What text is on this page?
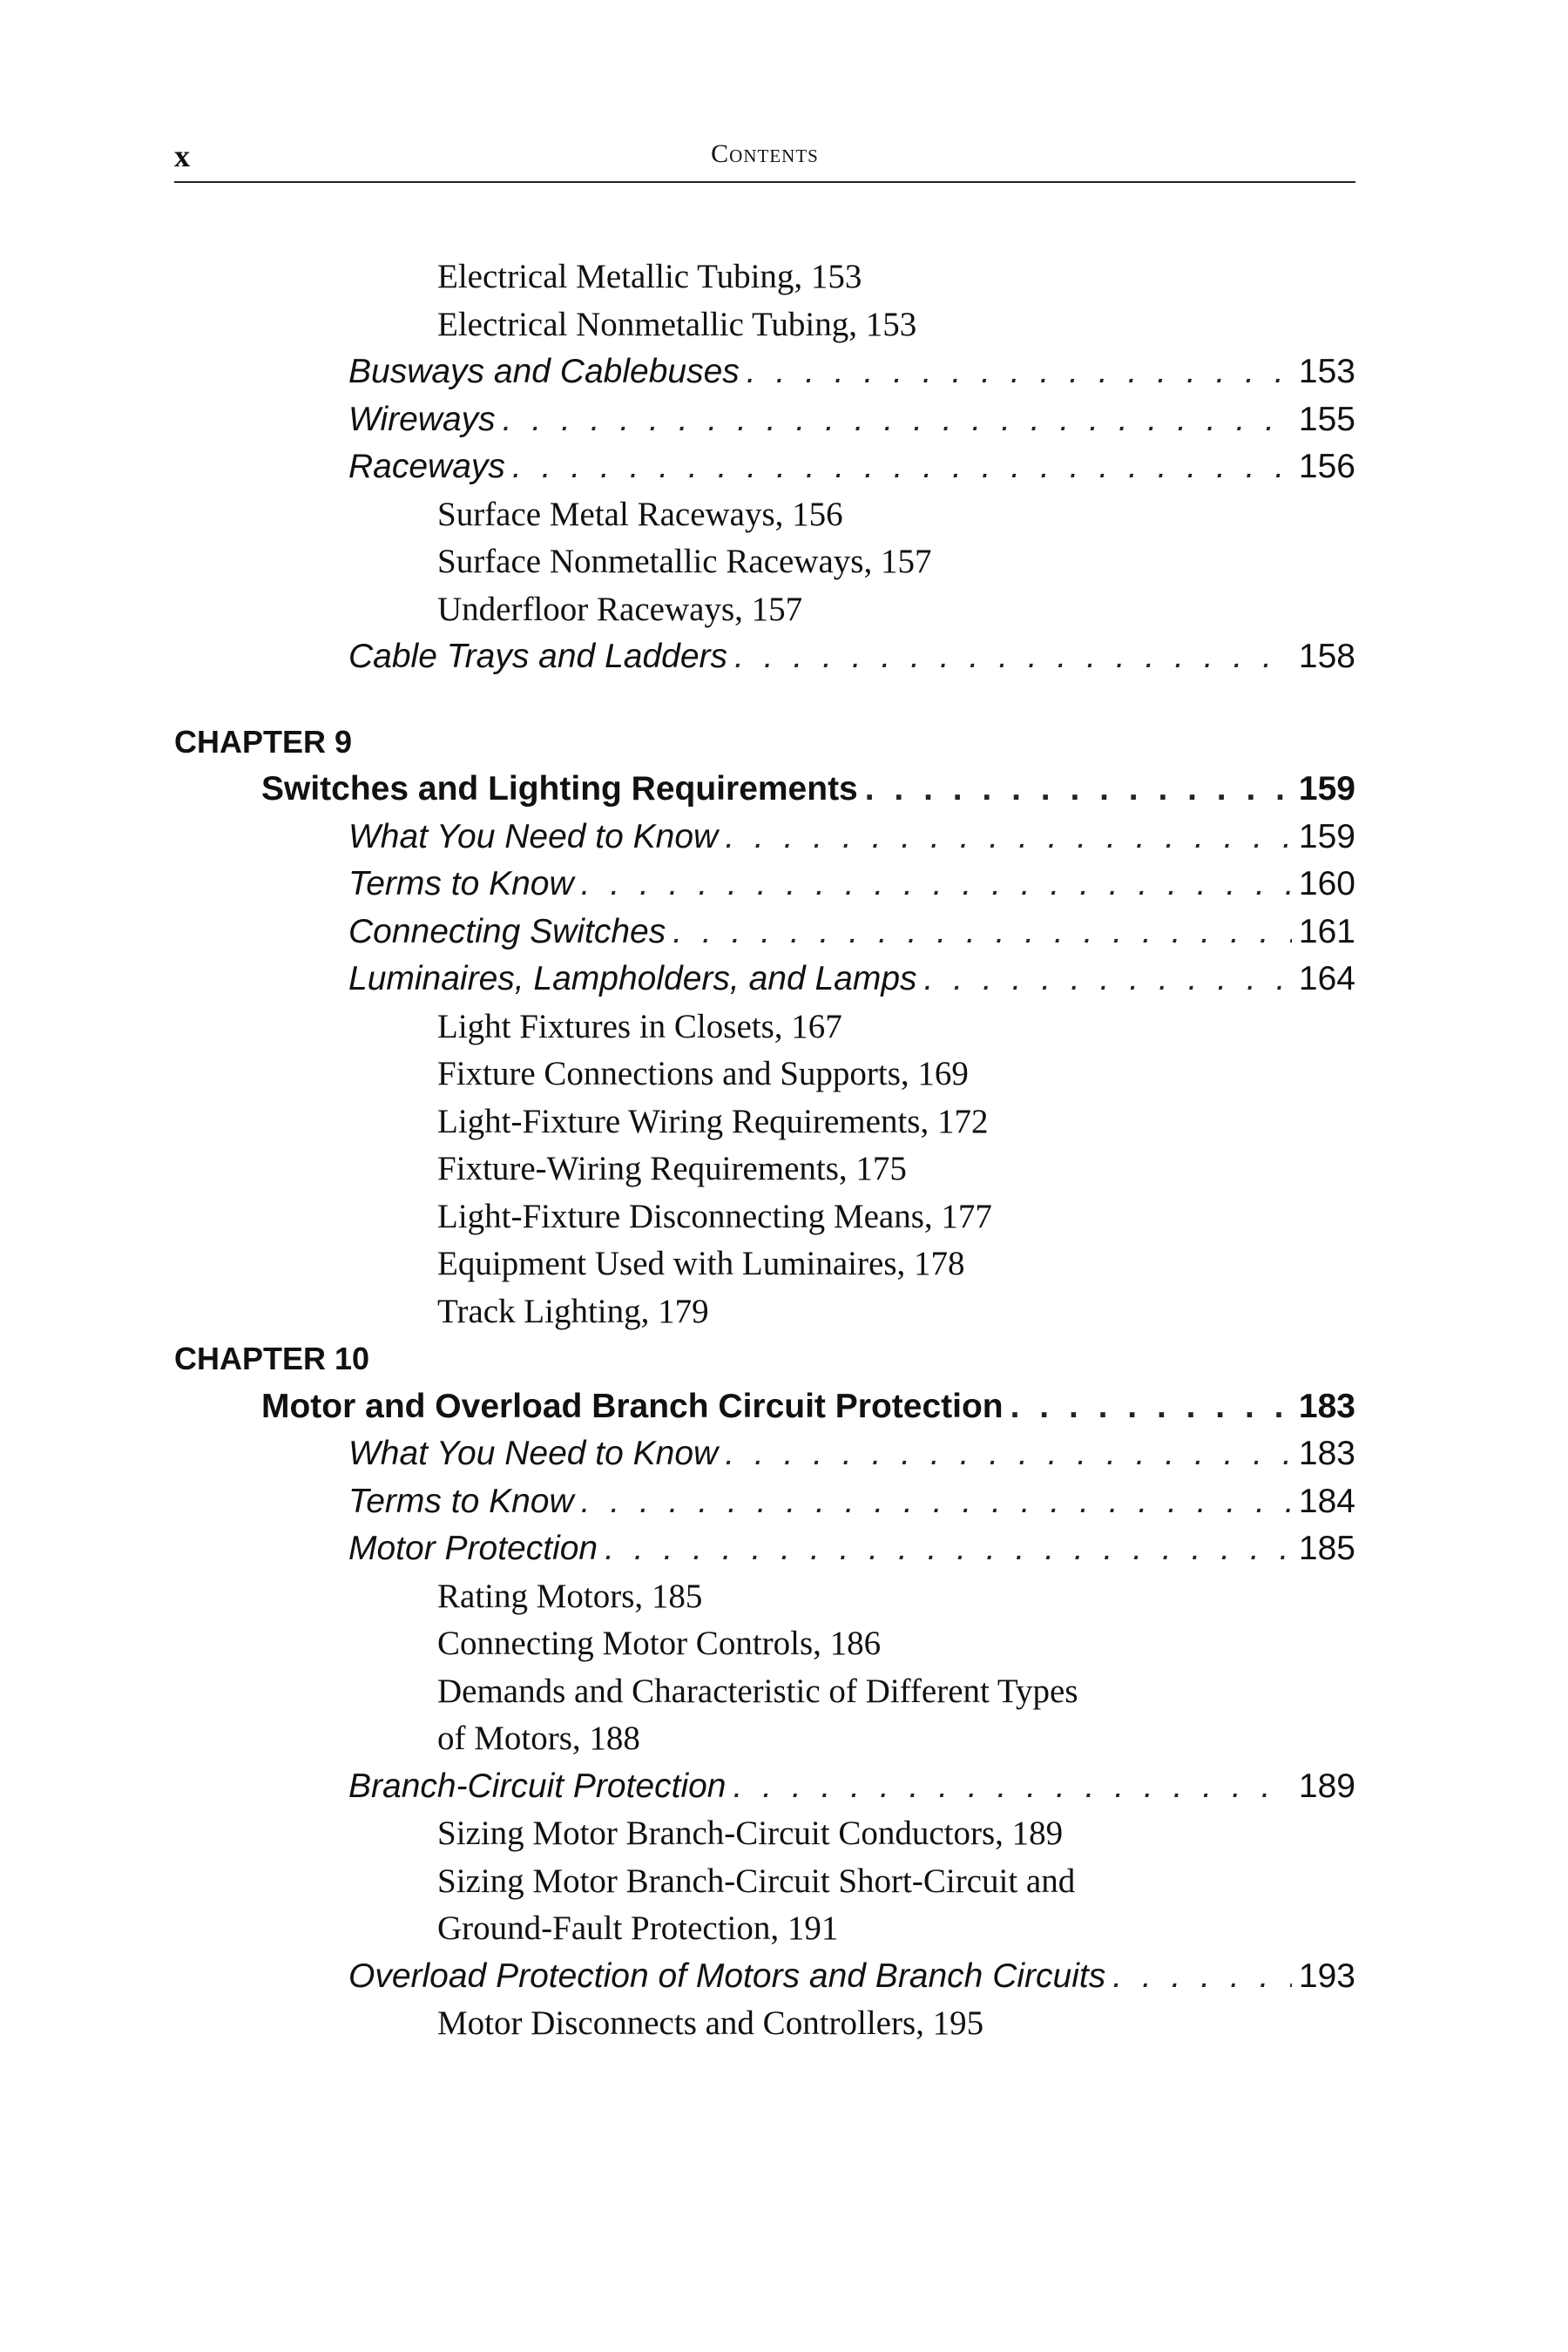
x	Contents
Electrical Metallic Tubing, 153
Electrical Nonmetallic Tubing, 153
Busways and Cablebuses . . .	153
Wireways . . .	155
Raceways . . .	156
Surface Metal Raceways, 156
Surface Nonmetallic Raceways, 157
Underfloor Raceways, 157
Cable Trays and Ladders . . .	158
CHAPTER 9
Switches and Lighting Requirements . . .	159
What You Need to Know . . .	159
Terms to Know . . .	160
Connecting Switches . . .	161
Luminaires, Lampholders, and Lamps . . .	164
Light Fixtures in Closets, 167
Fixture Connections and Supports, 169
Light-Fixture Wiring Requirements, 172
Fixture-Wiring Requirements, 175
Light-Fixture Disconnecting Means, 177
Equipment Used with Luminaires, 178
Track Lighting, 179
CHAPTER 10
Motor and Overload Branch Circuit Protection . . .	183
What You Need to Know . . .	183
Terms to Know . . .	184
Motor Protection . . .	185
Rating Motors, 185
Connecting Motor Controls, 186
Demands and Characteristic of Different Types
of Motors, 188
Branch-Circuit Protection . . .	189
Sizing Motor Branch-Circuit Conductors, 189
Sizing Motor Branch-Circuit Short-Circuit and
Ground-Fault Protection, 191
Overload Protection of Motors and Branch Circuits . . .	193
Motor Disconnects and Controllers, 195
